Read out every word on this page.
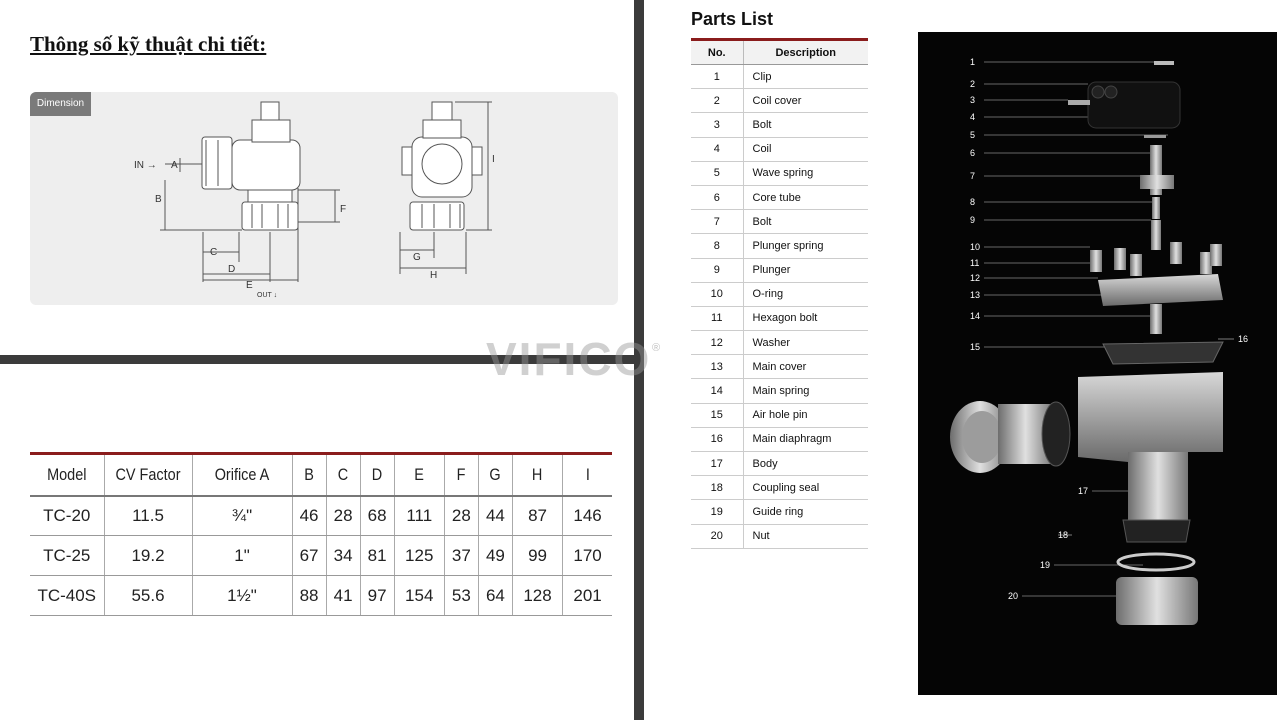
Thông số kỹ thuật chi tiết:
Dimension
IN → A
B
C
D
E
OUT ↓
F
G
H
I
VIFICO ®
Model	CV Factor	Orifice A	B	C	D	E	F	G	H	I
TC-20	11.5	¾"	46	28	68	111	28	44	87	146
TC-25	19.2	1"	67	34	81	125	37	49	99	170
TC-40S	55.6	1½"	88	41	97	154	53	64	128	201
Parts List
No.	Description
1	Clip
2	Coil cover
3	Bolt
4	Coil
5	Wave spring
6	Core tube
7	Bolt
8	Plunger spring
9	Plunger
10	O-ring
11	Hexagon bolt
12	Washer
13	Main cover
14	Main spring
15	Air hole pin
16	Main diaphragm
17	Body
18	Coupling seal
19	Guide ring
20	Nut
1
2
3
4
5
6
7
8
9
10
11
12
13
14
15
16
17
18
19
20
